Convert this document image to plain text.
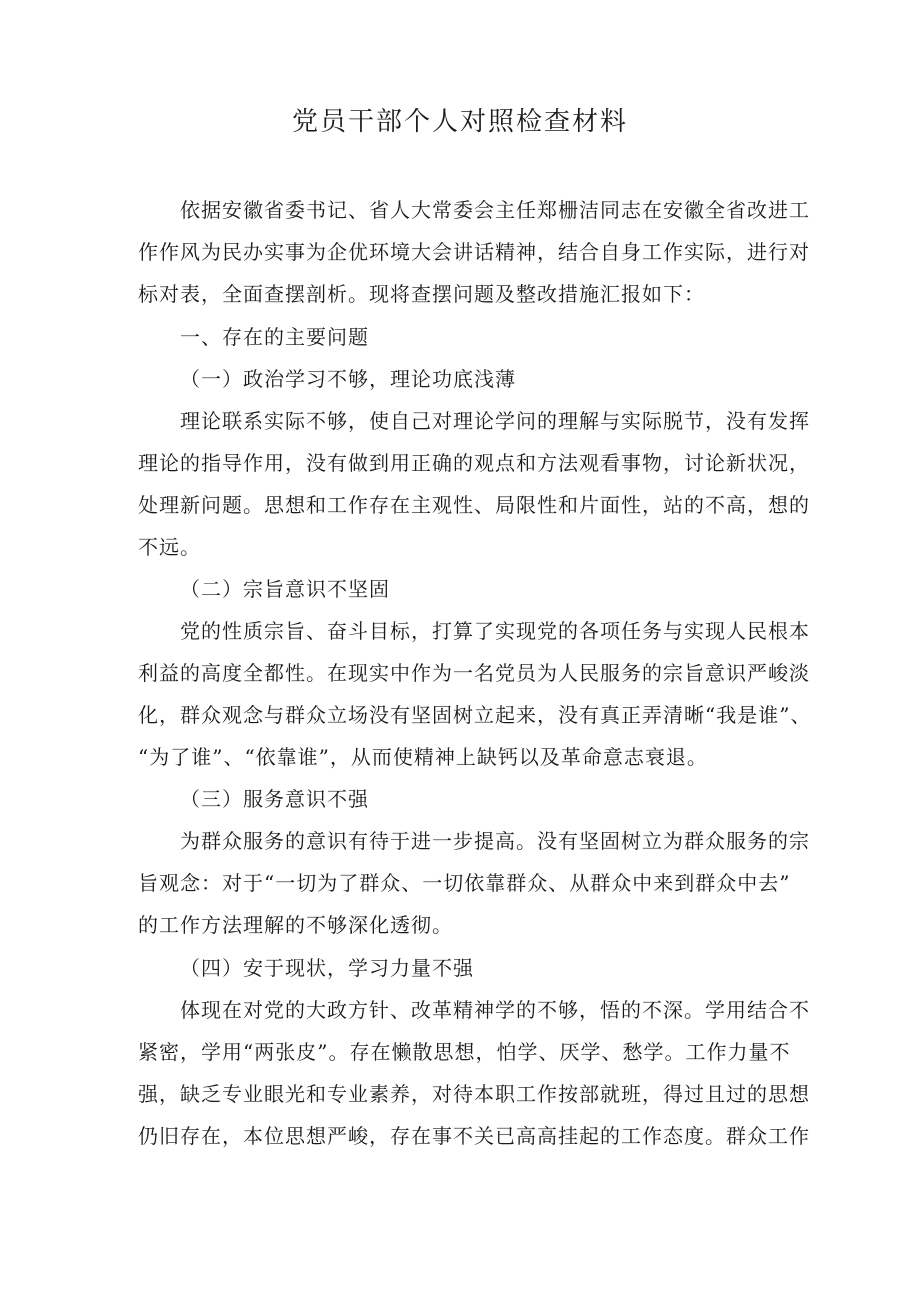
党员干部个人对照检查材料

依据安徽省委书记、省人大常委会主任郑栅洁同志在安徽全省改进工

作作风为民办实事为企优环境大会讲话精神，结合自身工作实际，进行对

标对表，全面查摆剖析。现将查摆问题及整改措施汇报如下：

一、存在的主要问题

（一）政治学习不够，理论功底浅薄

理论联系实际不够，使自己对理论学问的理解与实际脱节，没有发挥

理论的指导作用，没有做到用正确的观点和方法观看事物，讨论新状况，

处理新问题。思想和工作存在主观性、局限性和片面性，站的不高，想的

不远。

（二）宗旨意识不坚固

党的性质宗旨、奋斗目标，打算了实现党的各项任务与实现人民根本

利益的高度全都性。在现实中作为一名党员为人民服务的宗旨意识严峻淡

化，群众观念与群众立场没有坚固树立起来，没有真正弄清晰“我是谁”、

“为了谁”、“依靠谁”，从而使精神上缺钙以及革命意志衰退。

（三）服务意识不强

为群众服务的意识有待于进一步提高。没有坚固树立为群众服务的宗

旨观念：对于“一切为了群众、一切依靠群众、从群众中来到群众中去”

的工作方法理解的不够深化透彻。

（四）安于现状，学习力量不强

体现在对党的大政方针、改革精神学的不够，悟的不深。学用结合不

紧密，学用“两张皮”。存在懒散思想，怕学、厌学、愁学。工作力量不

强，缺乏专业眼光和专业素养，对待本职工作按部就班，得过且过的思想

仍旧存在，本位思想严峻，存在事不关已高高挂起的工作态度。群众工作
